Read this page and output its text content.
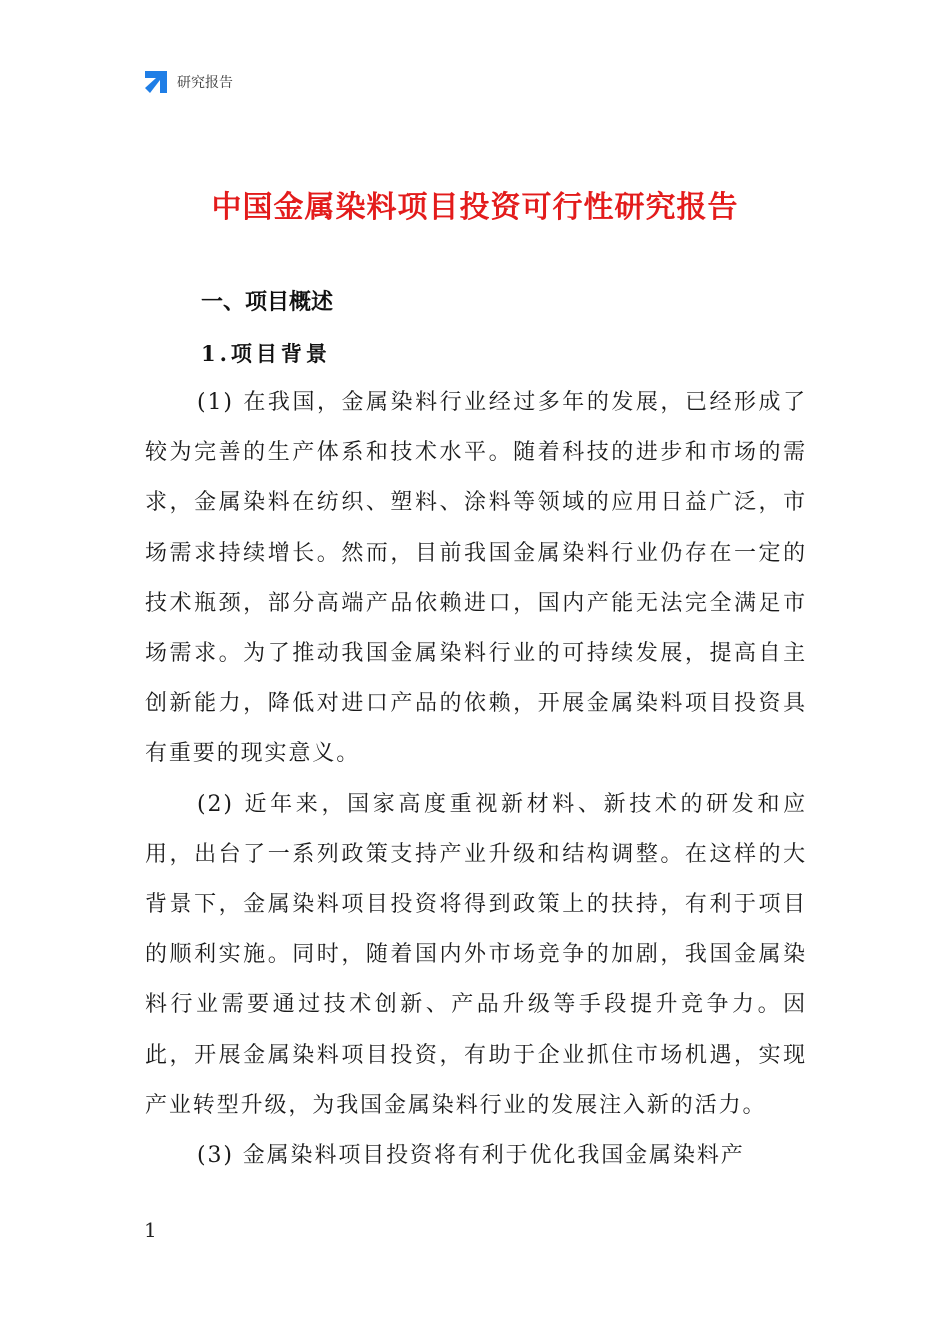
研究报告
中国金属染料项目投资可行性研究报告
一、项目概述
1.项目背景

(1) 在我国，金属染料行业经过多年的发展，已经形成了较为完善的生产体系和技术水平。随着科技的进步和市场的需求，金属染料在纺织、塑料、涂料等领域的应用日益广泛，市场需求持续增长。然而，目前我国金属染料行业仍存在一定的技术瓶颈，部分高端产品依赖进口，国内产能无法完全满足市场需求。为了推动我国金属染料行业的可持续发展，提高自主创新能力，降低对进口产品的依赖，开展金属染料项目投资具有重要的现实意义。

(2) 近年来，国家高度重视新材料、新技术的研发和应用，出台了一系列政策支持产业升级和结构调整。在这样的大背景下，金属染料项目投资将得到政策上的扶持，有利于项目的顺利实施。同时，随着国内外市场竞争的加剧，我国金属染料行业需要通过技术创新、产品升级等手段提升竞争力。因此，开展金属染料项目投资，有助于企业抓住市场机遇，实现产业转型升级，为我国金属染料行业的发展注入新的活力。

(3) 金属染料项目投资将有利于优化我国金属染料产

1
